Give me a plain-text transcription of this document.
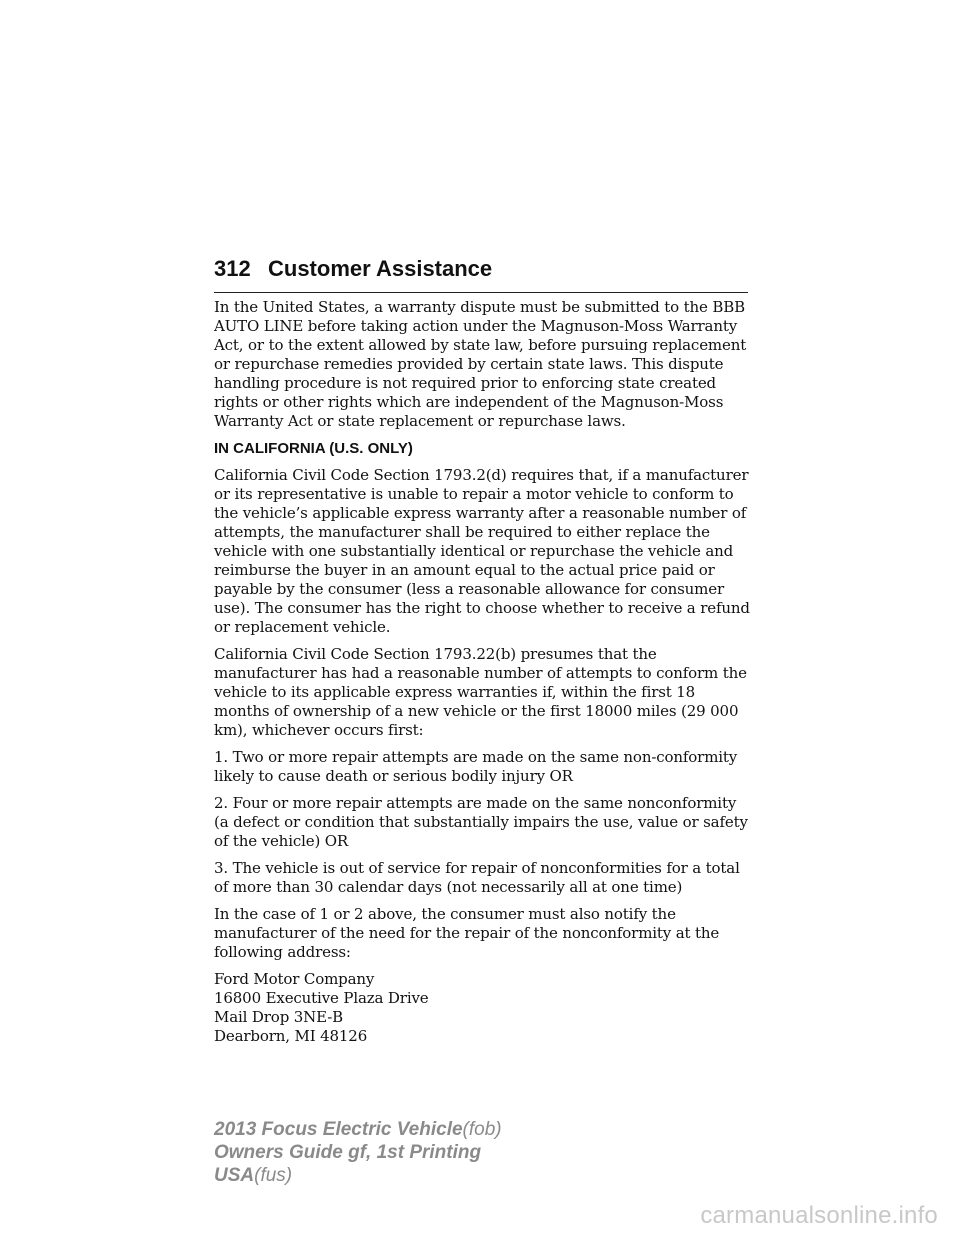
312 Customer Assistance

In the United States, a warranty dispute must be submitted to the BBB AUTO LINE before taking action under the Magnuson-Moss Warranty Act, or to the extent allowed by state law, before pursuing replacement or repurchase remedies provided by certain state laws. This dispute handling procedure is not required prior to enforcing state created rights or other rights which are independent of the Magnuson-Moss Warranty Act or state replacement or repurchase laws.

IN CALIFORNIA (U.S. ONLY)

California Civil Code Section 1793.2(d) requires that, if a manufacturer or its representative is unable to repair a motor vehicle to conform to the vehicle’s applicable express warranty after a reasonable number of attempts, the manufacturer shall be required to either replace the vehicle with one substantially identical or repurchase the vehicle and reimburse the buyer in an amount equal to the actual price paid or payable by the consumer (less a reasonable allowance for consumer use). The consumer has the right to choose whether to receive a refund or replacement vehicle.

California Civil Code Section 1793.22(b) presumes that the manufacturer has had a reasonable number of attempts to conform the vehicle to its applicable express warranties if, within the first 18 months of ownership of a new vehicle or the first 18000 miles (29 000 km), whichever occurs first:

1. Two or more repair attempts are made on the same non-conformity likely to cause death or serious bodily injury OR

2. Four or more repair attempts are made on the same nonconformity (a defect or condition that substantially impairs the use, value or safety of the vehicle) OR

3. The vehicle is out of service for repair of nonconformities for a total of more than 30 calendar days (not necessarily all at one time)

In the case of 1 or 2 above, the consumer must also notify the manufacturer of the need for the repair of the nonconformity at the following address:

Ford Motor Company
16800 Executive Plaza Drive
Mail Drop 3NE-B
Dearborn, MI 48126
2013 Focus Electric Vehicle(fob)
Owners Guide gf, 1st Printing
USA(fus)
carmanualsonline.info
